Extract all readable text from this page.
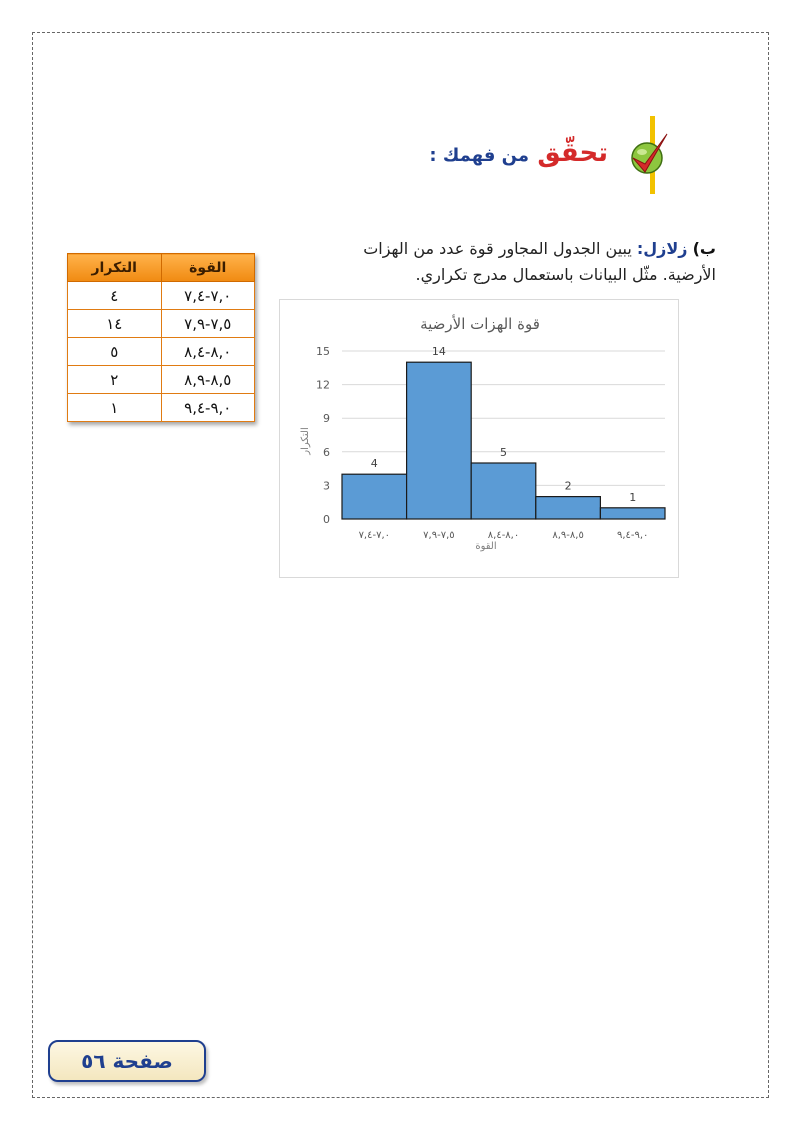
تحقّق من فهمك :
ب) زلازل: يبين الجدول المجاور قوة عدد من الهزات
الأرضية. مثّل البيانات باستعمال مدرج تكراري.
القوة	التكرار
٧,٠-٧,٤	٤
٧,٥-٧,٩	١٤
٨,٠-٨,٤	٥
٨,٥-٨,٩	٢
٩,٠-٩,٤	١
قوة الهزات الأرضية
0
3
6
9
12
15
٧,٠-٧,٤	٧,٥-٧,٩	٨,٠-٨,٤	٨,٥-٨,٩	٩,٠-٩,٤
4
14
5
2
1
القوة
التكرار
صفحة ٥٦
